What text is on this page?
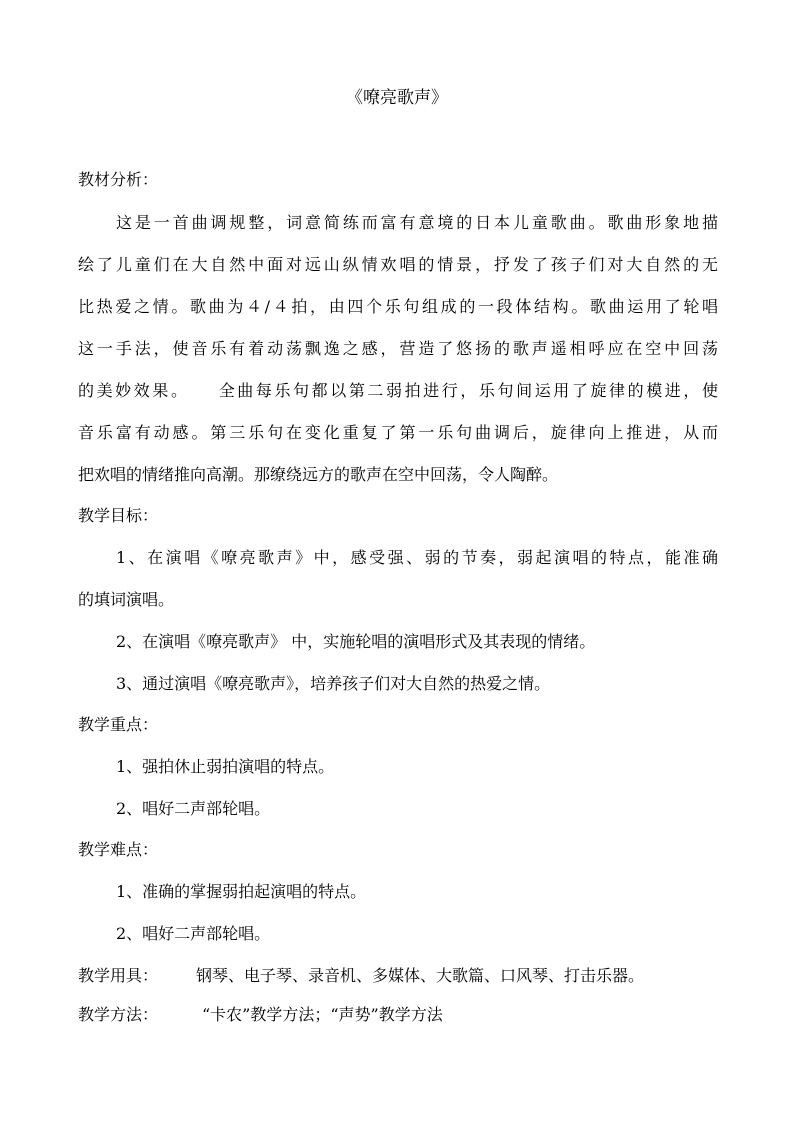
《嘹亮歌声》
教材分析：
这是一首曲调规整，词意简练而富有意境的日本儿童歌曲。歌曲形象地描
绘了儿童们在大自然中面对远山纵情欢唱的情景，抒发了孩子们对大自然的无
比热爱之情。歌曲为４/４拍，由四个乐句组成的一段体结构。歌曲运用了轮唱
这一手法，使音乐有着动荡飘逸之感，营造了悠扬的歌声遥相呼应在空中回荡
的美妙效果。　　全曲每乐句都以第二弱拍进行，乐句间运用了旋律的模进，使
音乐富有动感。第三乐句在变化重复了第一乐句曲调后，旋律向上推进，从而
把欢唱的情绪推向高潮。那缭绕远方的歌声在空中回荡，令人陶醉。
教学目标：
1、在演唱《嘹亮歌声》中，感受强、弱的节奏，弱起演唱的特点，能准确
的填词演唱。
2、在演唱《嘹亮歌声》 中，实施轮唱的演唱形式及其表现的情绪。
3、通过演唱《嘹亮歌声》，培养孩子们对大自然的热爱之情。
教学重点：
1、强拍休止弱拍演唱的特点。
2、唱好二声部轮唱。
教学难点：
1、准确的掌握弱拍起演唱的特点。
2、唱好二声部轮唱。
教学用具：	钢琴、电子琴、录音机、多媒体、大歌篇、口风琴、打击乐器。
教学方法：	“卡农”教学方法；“声势”教学方法
